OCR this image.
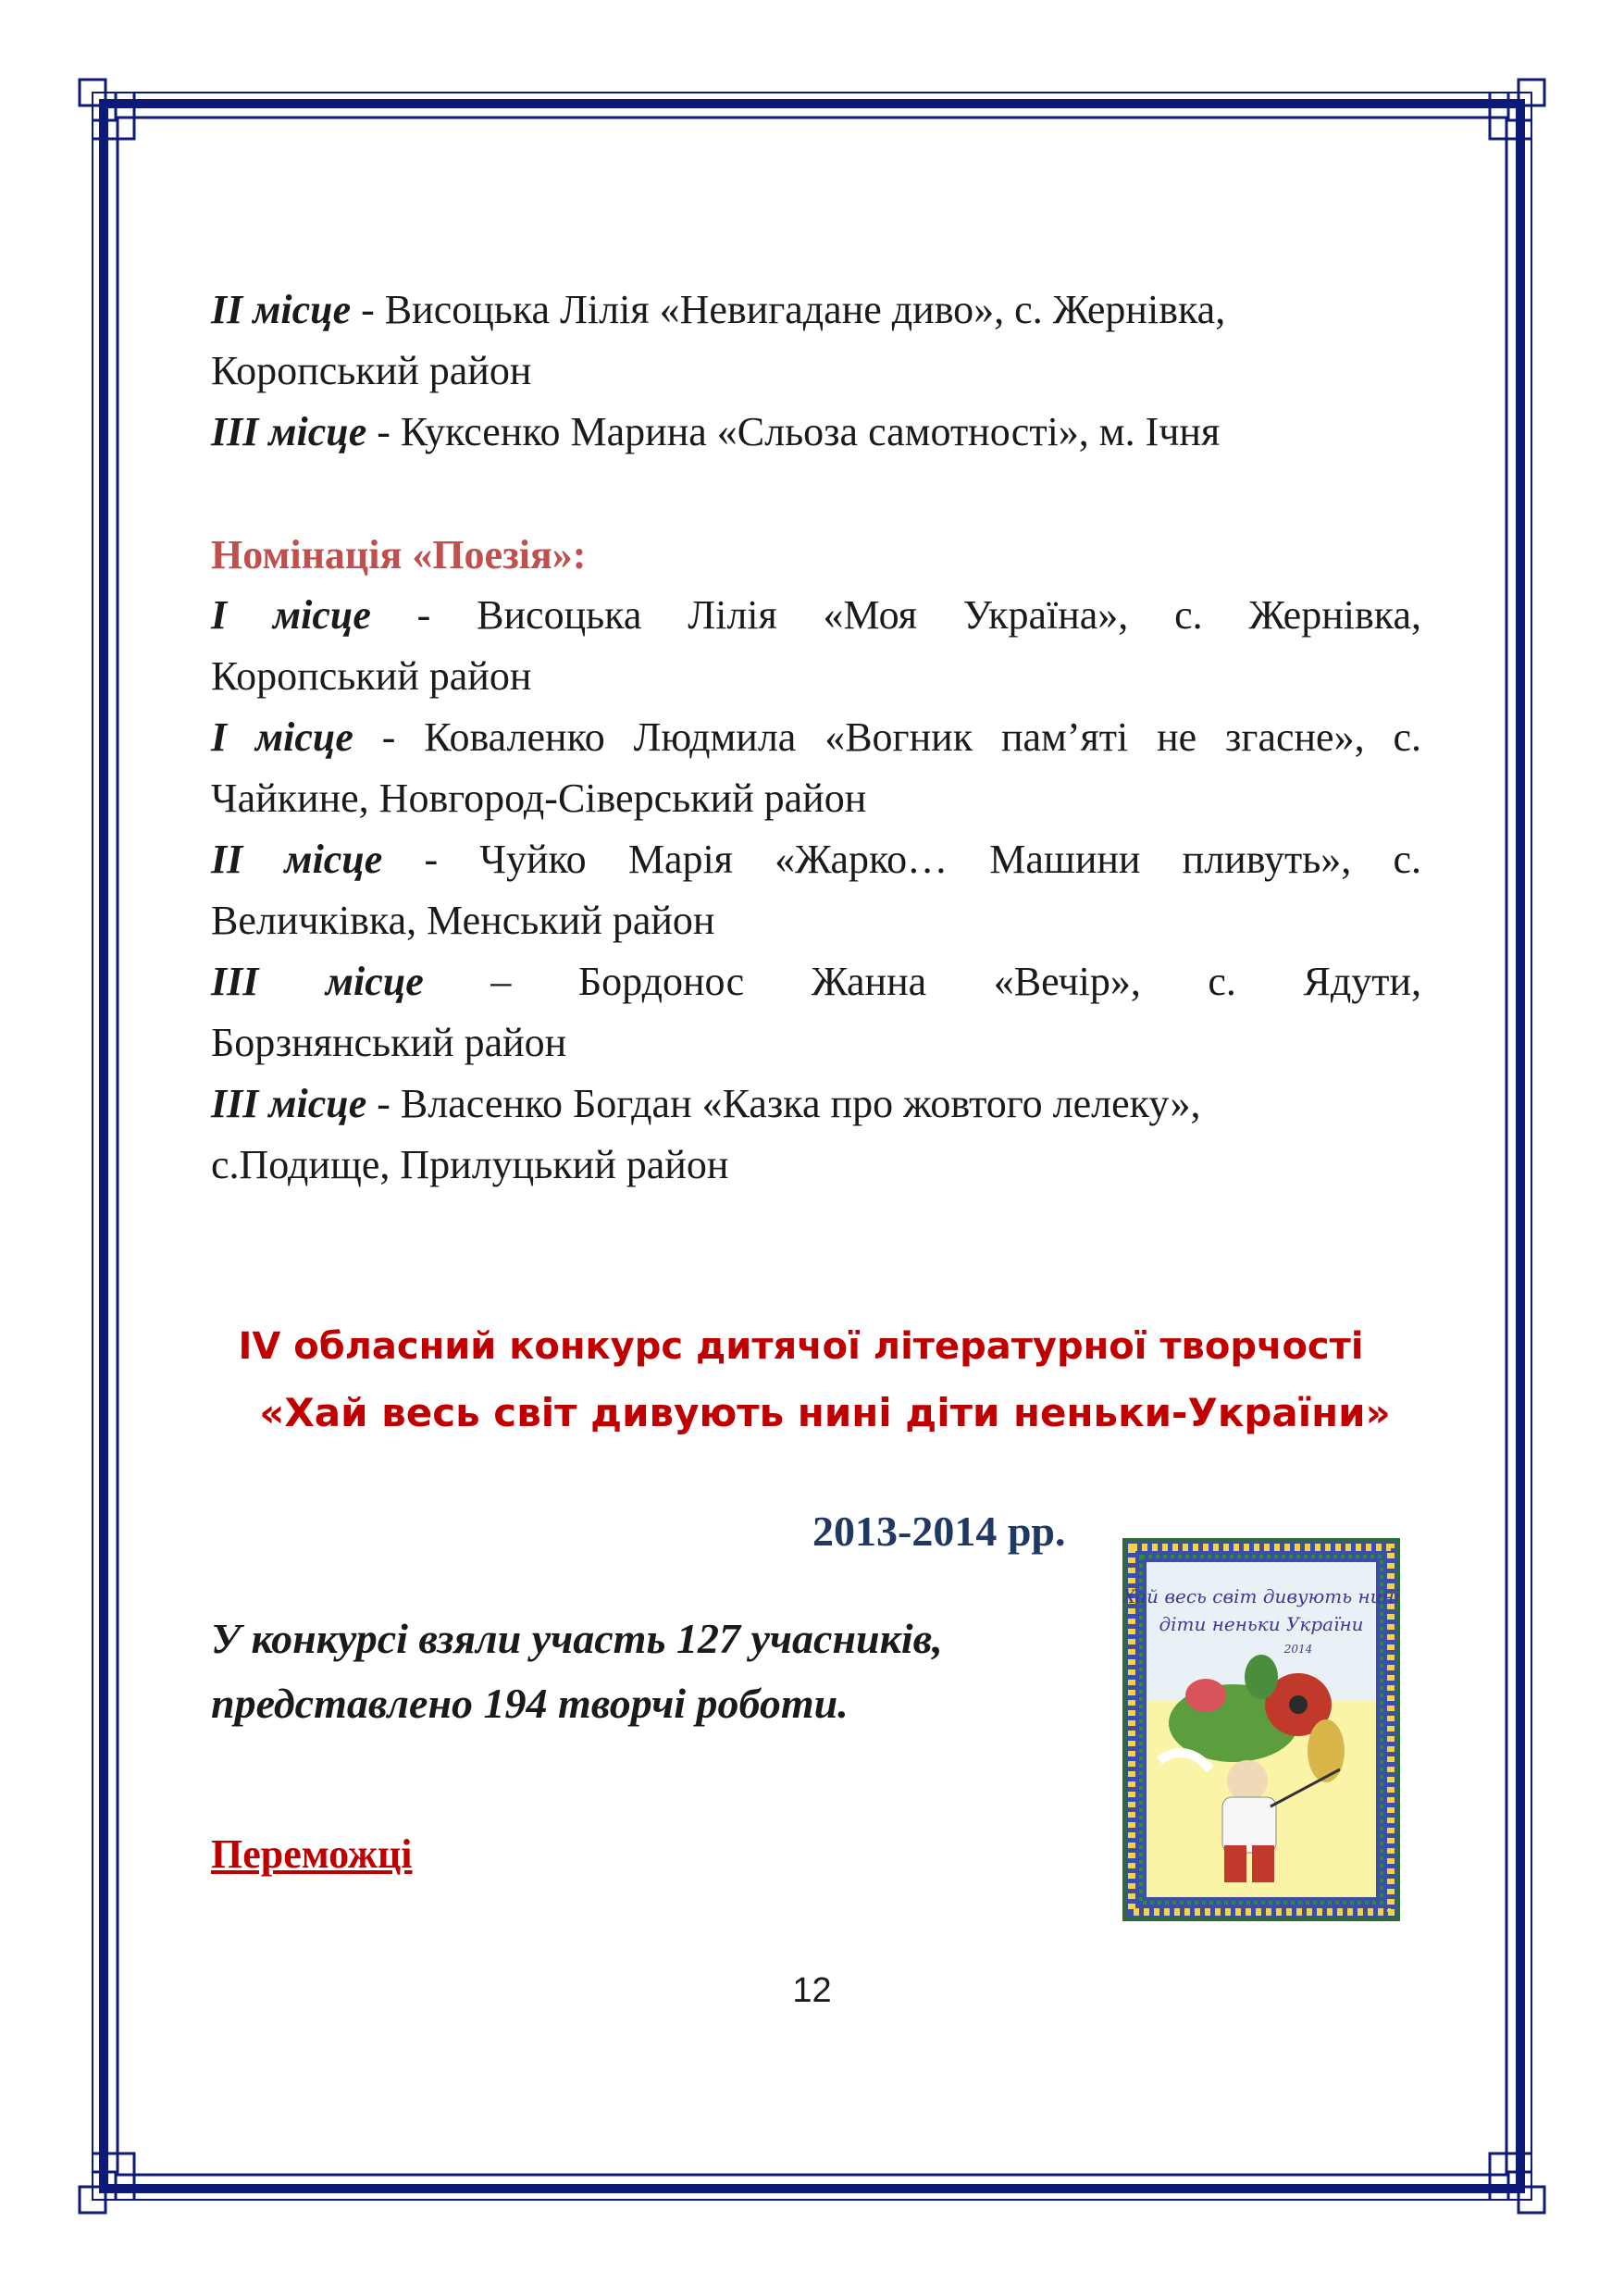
II місце - Висоцька Лілія «Невигадане диво», с. Жернівка,
Коропський район
III місце - Куксенко Марина «Сльоза самотності», м. Ічня
Номінація «Поезія»:
І місце - Висоцька Лілія «Моя Україна», с. Жернівка,
Коропський район
І місце - Коваленко Людмила «Вогник пам’яті не згасне», с.
Чайкине, Новгород-Сіверський район
ІІ місце - Чуйко Марія «Жарко… Машини пливуть», с.
Величківка, Менський район
ІІІ місце – Бордонос Жанна «Вечір», с. Ядути,
Борзнянський район
ІІІ місце - Власенко Богдан «Казка про жовтого лелеку»,
с.Подище, Прилуцький район
IV обласний конкурс дитячої літературної творчості
«Хай весь світ дивують нині діти неньки-України»
2013-2014 рр.
У конкурсі взяли участь 127 учасників,
представлено 194 творчі роботи.
Переможці
Хай весь світ дивують нині
діти неньки України
2014
12
